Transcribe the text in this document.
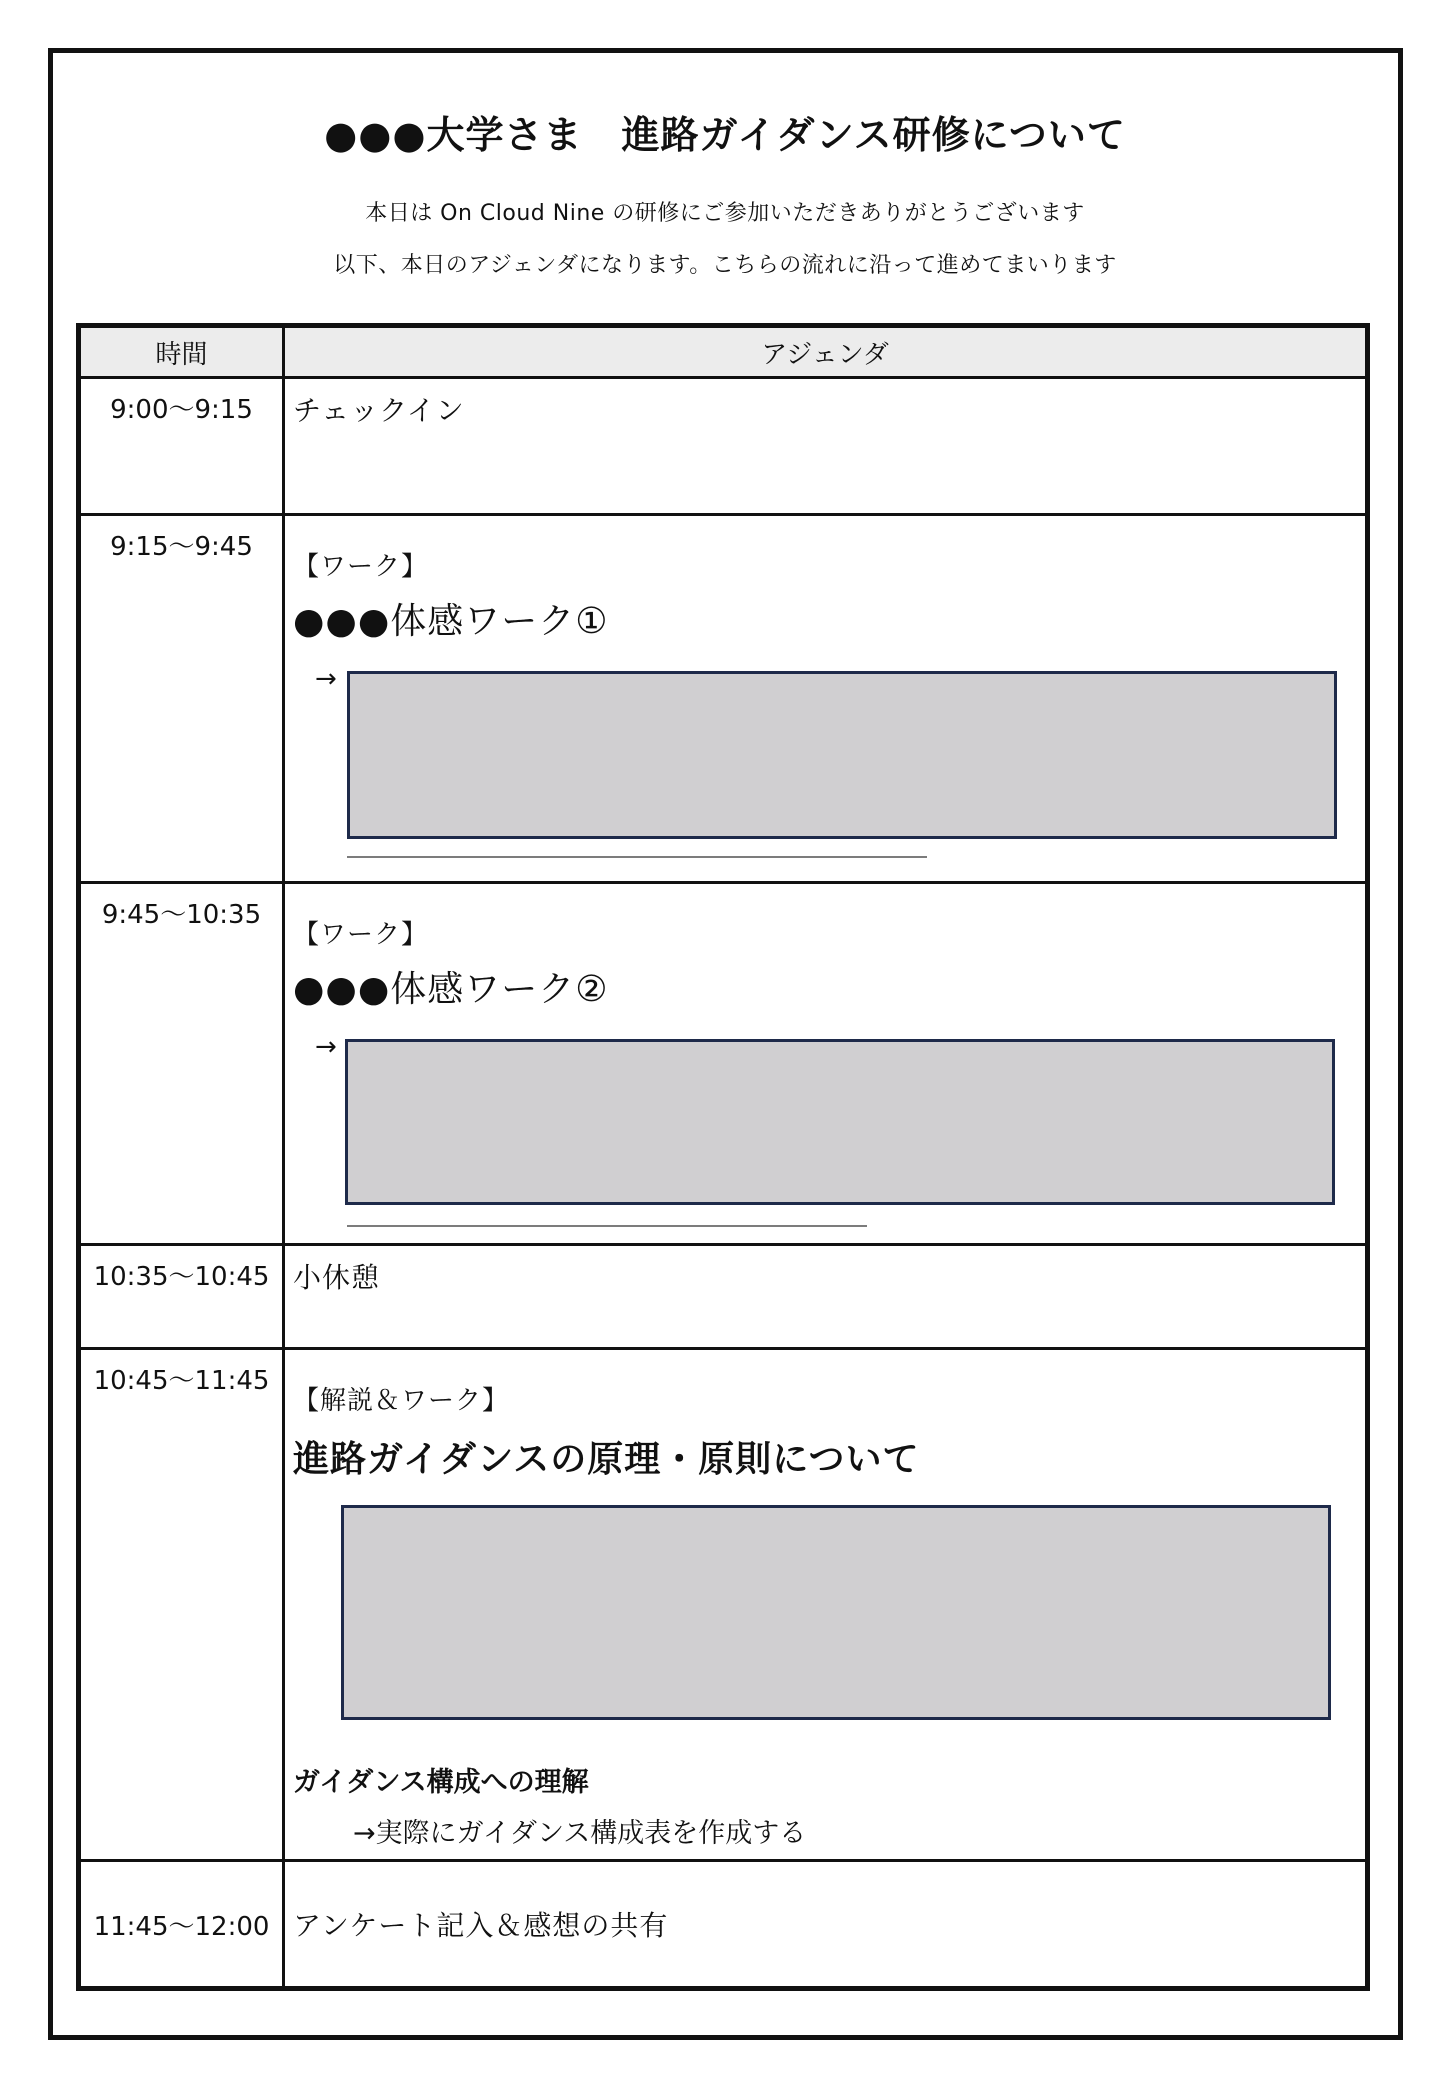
●●●大学さま　進路ガイダンス研修について
本日は On Cloud Nine の研修にご参加いただきありがとうございます
以下、本日のアジェンダになります。こちらの流れに沿って進めてまいります
時間	アジェンダ
9:00～9:15	チェックイン

9:15～9:45	【ワーク】
●●●体感ワーク①
→

9:45～10:35	【ワーク】
●●●体感ワーク②
→

10:35～10:45	小休憩

10:45～11:45	【解説＆ワーク】
進路ガイダンスの原理・原則について
ガイダンス構成への理解
→実際にガイダンス構成表を作成する

11:45～12:00	アンケート記入＆感想の共有
